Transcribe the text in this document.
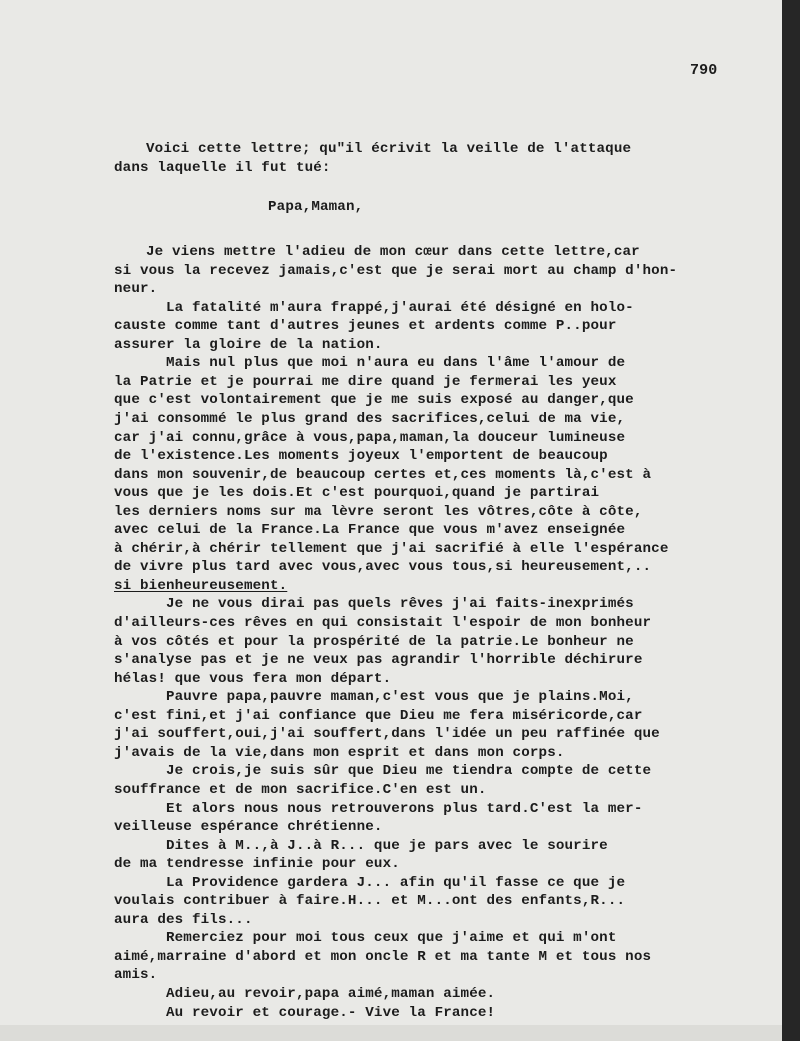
790
Voici cette lettre; qu"il écrivit la veille de l'attaque
dans laquelle il fut tué:
Papa,Maman,
Je viens mettre l'adieu de mon cœur dans cette lettre,car
si vous la recevez jamais,c'est que je serai mort au champ d'hon-
neur.
La fatalité m'aura frappé,j'aurai été désigné en holo-
causte comme tant d'autres jeunes et ardents comme P..pour
assurer la gloire de la nation.
Mais nul plus que moi n'aura eu dans l'âme l'amour de
la Patrie et je pourrai me dire quand je fermerai les yeux
que c'est volontairement que je me suis exposé au danger,que
j'ai consommé le plus grand des sacrifices,celui de ma vie,
car j'ai connu,grâce à vous,papa,maman,la douceur lumineuse
de l'existence.Les moments joyeux l'emportent de beaucoup
dans mon souvenir,de beaucoup certes et,ces moments là,c'est à
vous que je les dois.Et c'est pourquoi,quand je partirai
les derniers noms sur ma lèvre seront les vôtres,côte à côte,
avec celui de la France.La France que vous m'avez enseignée
à chérir,à chérir tellement que j'ai sacrifié à elle l'espérance
de vivre plus tard avec vous,avec vous tous,si heureusement,..
si bienheureusement.
Je ne vous dirai pas quels rêves j'ai faits-inexprimés
d'ailleurs-ces rêves en qui consistait l'espoir de mon bonheur
à vos côtés et pour la prospérité de la patrie.Le bonheur ne
s'analyse pas et je ne veux pas agrandir l'horrible déchirure
hélas! que vous fera mon départ.
Pauvre papa,pauvre maman,c'est vous que je plains.Moi,
c'est fini,et j'ai confiance que Dieu me fera miséricorde,car
j'ai souffert,oui,j'ai souffert,dans l'idée un peu raffinée que
j'avais de la vie,dans mon esprit et dans mon corps.
Je crois,je suis sûr que Dieu me tiendra compte de cette
souffrance et de mon sacrifice.C'en est un.
Et alors nous nous retrouverons plus tard.C'est la mer-
veilleuse espérance chrétienne.
Dites à M..,à J..à R... que je pars avec le sourire
de ma tendresse infinie pour eux.
La Providence gardera J... afin qu'il fasse ce que je
voulais contribuer à faire.H... et M...ont des enfants,R...
aura des fils...
Remerciez pour moi tous ceux que j'aime et qui m'ont
aimé,marraine d'abord et mon oncle R et ma tante M et tous nos
amis.
Adieu,au revoir,papa aimé,maman aimée.
Au revoir et courage.- Vive la France!
